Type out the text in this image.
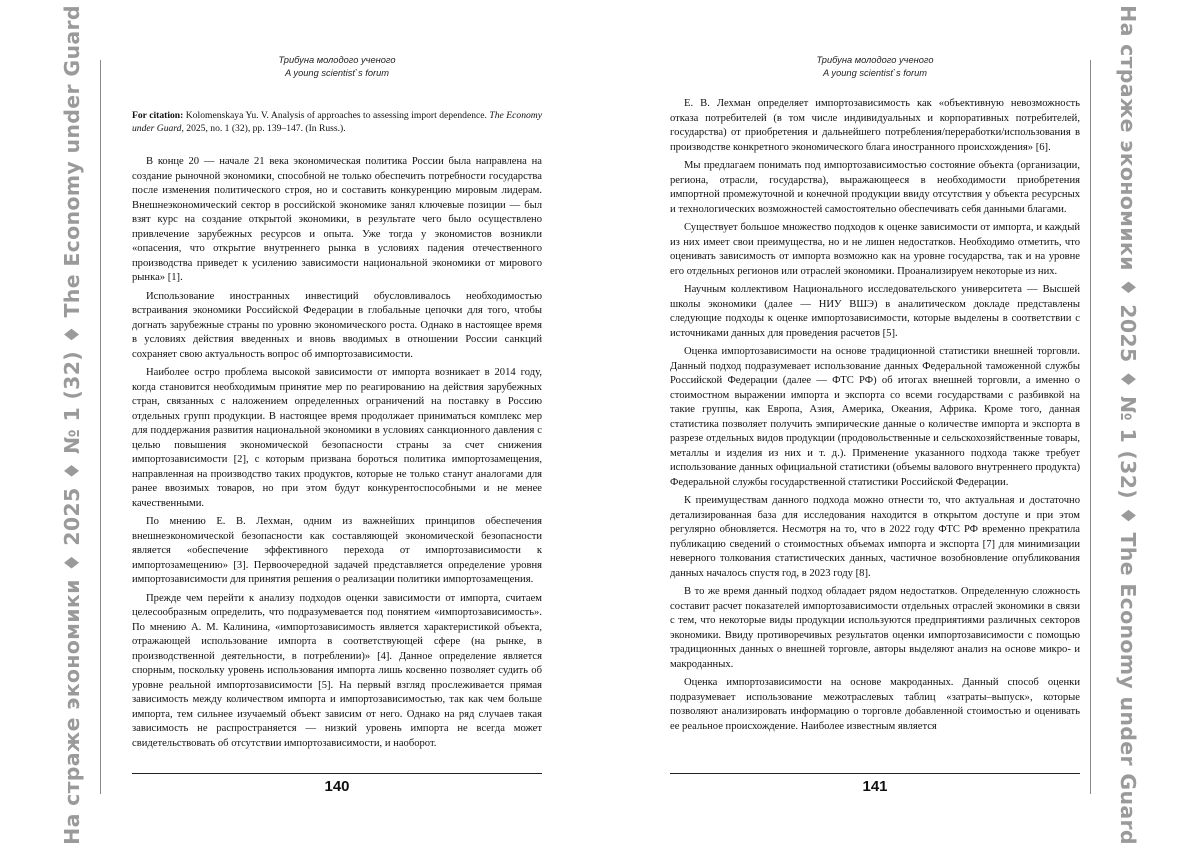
На страже экономики ♦ 2025 ♦ № 1 (32) ♦ The Economy under Guard	Трибуна молодого ученого
A young scientist`s forum

For citation: Kolomenskaya Yu. V. Analysis of approaches to assessing import dependence. The Economy under Guard, 2025, no. 1 (32), pp. 139–147. (In Russ.).

В конце 20 — начале 21 века экономическая политика России была направлена на создание рыночной экономики, способной не только обеспечить потребности государства после изменения политического строя, но и составить конкуренцию мировым лидерам. Внешнеэкономический сектор в российской экономике занял ключевые позиции — был взят курс на создание открытой экономики, в результате чего было осуществлено привлечение зарубежных ресурсов и опыта. Уже тогда у экономистов возникли «опасения, что открытие внутреннего рынка в условиях падения отечественного производства приведет к усилению зависимости национальной экономики от мирового рынка» [1].

Использование иностранных инвестиций обусловливалось необходимостью встраивания экономики Российской Федерации в глобальные цепочки для того, чтобы догнать зарубежные страны по уровню экономического роста. Однако в настоящее время в условиях действия введенных и вновь вводимых в отношении России санкций сохраняет свою актуальность вопрос об импортозависимости.

Наиболее остро проблема высокой зависимости от импорта возникает в 2014 году, когда становится необходимым принятие мер по реагированию на действия зарубежных стран, связанных с наложением определенных ограничений на поставку в Россию отдельных групп продукции. В настоящее время продолжает приниматься комплекс мер для поддержания развития национальной экономики в условиях санкционного давления с целью повышения экономической безопасности страны за счет снижения импортозависимости [2], с которым призвана бороться политика импортозамещения, направленная на производство таких продуктов, которые не только станут аналогами для ранее ввозимых товаров, но при этом будут конкурентоспособными и не менее качественными.

По мнению Е. В. Лехман, одним из важнейших принципов обеспечения внешнеэкономической безопасности как составляющей экономической безопасности является «обеспечение эффективного перехода от импортозависимости к импортозамещению» [3]. Первоочередной задачей представляется определение уровня импортозависимости для принятия решения о реализации политики импортозамещения.

Прежде чем перейти к анализу подходов оценки зависимости от импорта, считаем целесообразным определить, что подразумевается под понятием «импортозависимость». По мнению А. М. Калинина, «импортозависимость является характеристикой объекта, отражающей использование импорта в соответствующей сфере (на рынке, в производственной деятельности, в потреблении)» [4]. Данное определение является спорным, поскольку уровень использования импорта лишь косвенно позволяет судить об уровне реальной импортозависимости [5]. На первый взгляд прослеживается прямая зависимость между количеством импорта и импортозависимостью, так как чем больше импорта, тем сильнее изучаемый объект зависим от него. Однако на ряд случаев такая зависимость не распространяется — низкий уровень импорта не всегда может свидетельствовать об отсутствии импортозависимости, и наоборот.

140	На страже экономики ♦ 2025 ♦ № 1 (32) ♦ The Economy under Guard
Трибуна молодого ученого
A young scientist`s forum

Е. В. Лехман определяет импортозависимость как «объективную невозможность отказа потребителей (в том числе индивидуальных и корпоративных потребителей, государства) от приобретения и дальнейшего потребления/переработки/использования в производстве конкретного экономического блага иностранного происхождения» [6].

Мы предлагаем понимать под импортозависимостью состояние объекта (организации, региона, отрасли, государства), выражающееся в необходимости приобретения импортной промежуточной и конечной продукции ввиду отсутствия у объекта ресурсных и технологических возможностей самостоятельно обеспечивать себя данными благами.

Существует большое множество подходов к оценке зависимости от импорта, и каждый из них имеет свои преимущества, но и не лишен недостатков. Необходимо отметить, что оценивать зависимость от импорта возможно как на уровне государства, так и на уровне его отдельных регионов или отраслей экономики. Проанализируем некоторые из них.

Научным коллективом Национального исследовательского университета — Высшей школы экономики (далее — НИУ ВШЭ) в аналитическом докладе представлены следующие подходы к оценке импортозависимости, которые выделены в соответствии с источниками данных для проведения расчетов [5].

Оценка импортозависимости на основе традиционной статистики внешней торговли. Данный подход подразумевает использование данных Федеральной таможенной службы Российской Федерации (далее — ФТС РФ) об итогах внешней торговли, а именно о стоимостном выражении импорта и экспорта со всеми государствами с разбивкой на такие группы, как Европа, Азия, Америка, Океания, Африка. Кроме того, данная статистика позволяет получить эмпирические данные о количестве импорта и экспорта в разрезе отдельных видов продукции (продовольственные и сельскохозяйственные товары, металлы и изделия из них и т. д.). Применение указанного подхода также требует использование данных официальной статистики (объемы валового внутреннего продукта) Федеральной службы государственной статистики Российской Федерации.

К преимуществам данного подхода можно отнести то, что актуальная и достаточно детализированная база для исследования находится в открытом доступе и при этом регулярно обновляется. Несмотря на то, что в 2022 году ФТС РФ временно прекратила публикацию сведений о стоимостных объемах импорта и экспорта [7] для минимизации неверного толкования статистических данных, частичное возобновление опубликования данных началось спустя год, в 2023 году [8].

В то же время данный подход обладает рядом недостатков. Определенную сложность составит расчет показателей импортозависимости отдельных отраслей экономики в связи с тем, что некоторые виды продукции используются предприятиями различных секторов экономики. Ввиду противоречивых результатов оценки импортозависимости с помощью традиционных данных о внешней торговле, авторы выделяют анализ на основе микро- и макроданных.

Оценка импортозависимости на основе макроданных. Данный способ оценки подразумевает использование межотраслевых таблиц «затраты–выпуск», которые позволяют анализировать информацию о торговле добавленной стоимостью и оценивать ее реальное происхождение. Наиболее известным является

141
